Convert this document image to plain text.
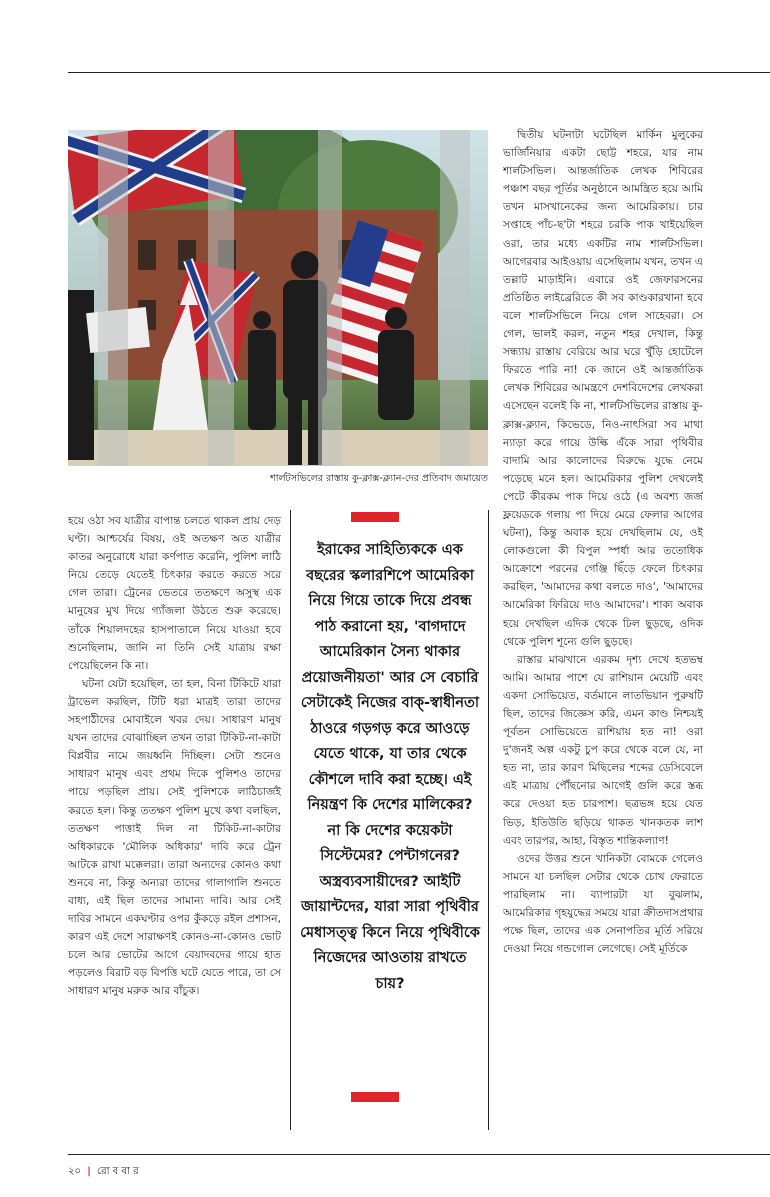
শার্লটসভিলের রাস্তায় কু-ক্লাক্স-ক্ল্যান-দের প্রতিবাদ জমায়েত

দ্বিতীয় ঘটনাটা ঘটেছিল মার্কিন মুলুকের ভার্জিনিয়ার একটা ছোট্ট শহরে, যার নাম শার্লটসভিল। আন্তর্জাতিক লেখক শিবিরের পঞ্চাশ বছর পূর্তির অনুষ্ঠানে আমন্ত্রিত হয়ে আমি তখন মাসখানেকের জন্য আমেরিকায়। চার সপ্তাহে পাঁচ-ছ'টা শহরে চরকি পাক খাইয়েছিল ওরা, তার মধ্যে একটির নাম শার্লটসভিল। আগেরবার আইওয়ায় এসেছিলাম যখন, তখন এ তল্লাট মাড়াইনি। এবারে ওই জেফারসনের প্রতিষ্ঠিত লাইব্রেরিতে কী সব কাণ্ডকারখানা হবে বলে শার্লটসভিলে নিয়ে গেল সাহেবরা। সে গেল, ভালই করল, নতুন শহর দেখাল, কিন্তু সন্ধ্যায় রাস্তায় বেরিয়ে আর ঘরে খুঁড়ি হোটেলে ফিরতে পারি না! কে জানে ওই আন্তর্জাতিক লেখক শিবিরের আমন্ত্রণে দেশবিদেশের লেখকরা এসেছেন বলেই কি না, শার্লটসভিলের রাস্তায় কু-ক্লাক্স-ক্ল্যান, কিভেডে, নিও-নাৎসিরা সব মাথা ন্যাড়া করে গায়ে উল্কি এঁকে সারা পৃথিবীর বাদামি আর কালোদের বিরুদ্ধে যুদ্ধে নেমে পড়েছে মনে হল। আমেরিকার পুলিশ দেখলেই পেটে কীরকম পাক দিয়ে ওঠে (এ অবশ্য জর্জ ফ্লয়েডকে গলায় পা দিয়ে মেরে ফেলার আগের ঘটনা), কিন্তু অবাক হয়ে দেখছিলাম যে, ওই লোকগুলো কী বিপুল স্পর্ধা আর ততোধিক আক্রোশে পরনের গেঞ্জি ছিঁড়ে ফেলে চিৎকার করছিল, 'আমাদের কথা বলতে দাও', 'আমাদের আমেরিকা ফিরিয়ে দাও আমাদের'। শাক্য অবাক হয়ে দেখছিল এদিক থেকে ঢিল ছুড়ছে, ওদিক থেকে পুলিশ শূন্যে গুলি ছুড়ছে।

রাস্তার মাঝখানে এরকম দৃশ্য দেখে হতভম্ব আমি। আমার পাশে যে রাশিয়ান মেয়েটি এবং একদা সোভিয়েত, বর্তমানে লাতভিয়ান পুরুষটি ছিল, তাদের জিজ্ঞেস করি, এমন কাণ্ড নিশ্চয়ই পূর্বতন সোভিয়েতে রাশিয়ায় হত না! ওরা দু'জনই অল্প একটু চুপ করে থেকে বলে যে, না হত না, তার কারণ মিছিলের শব্দের ডেসিবেলে এই মাত্রায় পৌঁছনোর আগেই গুলি করে স্তব্ধ করে দেওয়া হত চারপাশ। ছত্রভঙ্গ হয়ে যেত ভিড়, ইতিউতি ছড়িয়ে থাকত খানকতক লাশ এবং তারপর, আহা, বিস্তৃত শান্তিকল্যাণ!

ওদের উত্তর শুনে খানিকটা বোমকে গেলেও সামনে যা চলছিল সেটার থেকে চোখ ফেরাতে পারছিলাম না। ব্যাপারটা যা বুঝলাম, আমেরিকার গৃহযুদ্ধের সময়ে যারা ক্রীতদাসপ্রথার পক্ষে ছিল, তাদের এক সেনাপতির মূর্তি সরিয়ে দেওয়া নিয়ে গন্ডগোল লেগেছে। সেই মূর্তিকে

হয়ে ওঠা সব যাত্রীর বাপান্ত চলতে থাকল প্রায় দেড় ঘণ্টা। আশ্চর্যের বিষয়, ওই অতক্ষণ অত যাত্রীর কাতর অনুরোধে যারা কর্ণপাত করেনি, পুলিশ লাঠি নিয়ে তেড়ে যেতেই চিৎকার করতে করতে সরে গেল তারা। ট্রেনের ভেতরে ততক্ষণে অসুস্থ এক মানুষের মুখ দিয়ে গ্যাঁজলা উঠতে শুরু করেছে। তাঁকে শিয়ালদহের হাসপাতালে নিয়ে যাওয়া হবে শুনেছিলাম, জানি না তিনি সেই যাত্রায় রক্ষা পেয়েছিলেন কি না।

ঘটনা যেটা হয়েছিল, তা হল, বিনা টিকিটে যারা ট্রাভেল করছিল, টিটি ধরা মাত্রই তারা তাদের সহপাঠীদের মোবাইলে খবর দেয়। সাধারণ মানুষ যখন তাদের বোঝাচ্ছিল তখন তারা টিকিট-না-কাটা বিপ্লবীর নামে জয়ধ্বনি দিচ্ছিল। সেটা শুনেও সাধারণ মানুষ এবং প্রথম দিকে পুলিশও তাদের পায়ে পড়ছিল প্রায়। সেই পুলিশকে লাঠিচার্জই করতে হল। কিন্তু ততক্ষণ পুলিশ মুখে কথা বলছিল, ততক্ষণ পাত্তাই দিল না টিকিট-না-কাটার অধিকারকে 'মৌলিক অধিকার' দাবি করে ট্রেন আটকে রাখা মক্কেলরা। তারা অন্যদের কোনও কথা শুনবে না, কিন্তু অন্যরা তাদের গালাগালি শুনতে বাধ্য, এই ছিল তাদের সামান্য দাবি। আর সেই দাবির সামনে একঘণ্টার ওপর কুঁকড়ে রইল প্রশাসন, কারণ এই দেশে সারাক্ষণই কোনও-না-কোনও ভোট চলে আর ভোটের আগে বেয়াদবদের গায়ে হাত পড়লেও বিরাট বড় বিপত্তি ঘটে যেতে পারে, তা সে সাধারণ মানুষ মরুক আর বাঁচুক।

ইরাকের সাহিত্যিককে এক বছরের স্কলারশিপে আমেরিকা নিয়ে গিয়ে তাকে দিয়ে প্রবন্ধ পাঠ করানো হয়, 'বাগদাদে আমেরিকান সৈন্য থাকার প্রয়োজনীয়তা' আর সে বেচারি সেটাকেই নিজের বাক্-স্বাধীনতা ঠাওরে গড়গড় করে আওড়ে যেতে থাকে, যা তার থেকে কৌশলে দাবি করা হচ্ছে। এই নিয়ন্ত্রণ কি দেশের মালিকের? না কি দেশের কয়েকটা সিস্টেমের? পেন্টাগনের? অস্ত্রব্যবসায়ীদের? আইটি জায়ান্টদের, যারা সারা পৃথিবীর মেধাসত্ত্ব কিনে নিয়ে পৃথিবীকে নিজেদের আওতায় রাখতে চায়?
২০ | রো ব বা র
